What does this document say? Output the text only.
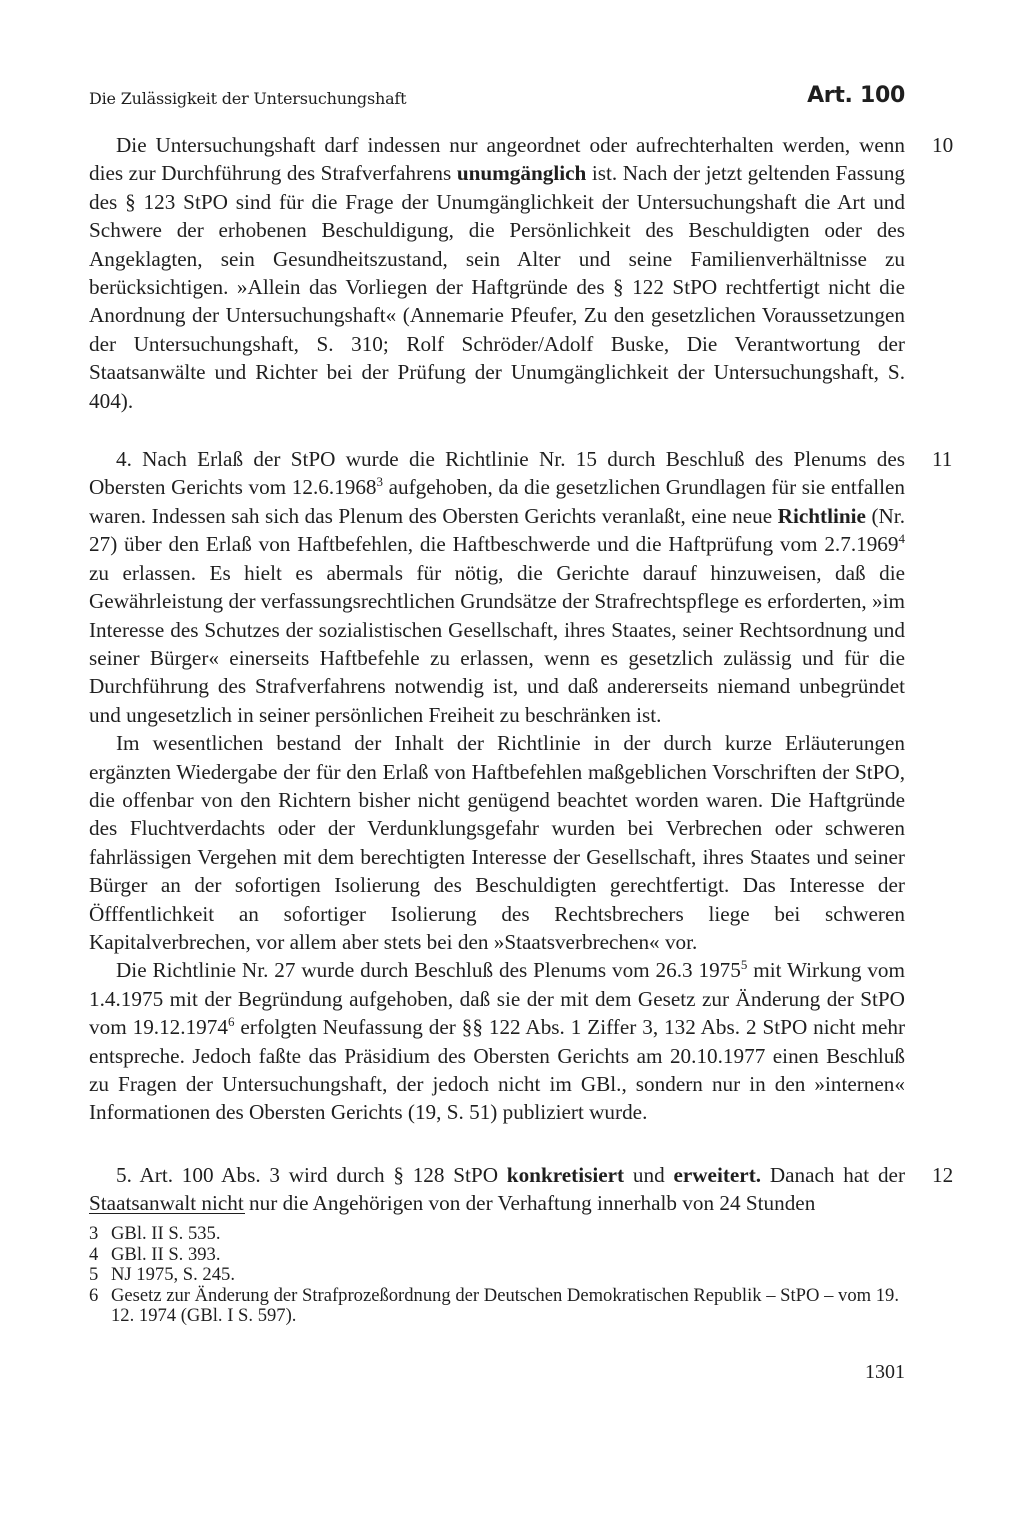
Die Zulässigkeit der Untersuchungshaft	Art. 100

10
Die Untersuchungshaft darf indessen nur angeordnet oder aufrechterhalten werden, wenn dies zur Durchführung des Strafverfahrens unumgänglich ist. Nach der jetzt geltenden Fassung des § 123 StPO sind für die Frage der Unumgänglichkeit der Untersuchungshaft die Art und Schwere der erhobenen Beschuldigung, die Persönlichkeit des Beschuldigten oder des Angeklagten, sein Gesundheitszustand, sein Alter und seine Familienverhältnisse zu berücksichtigen. »Allein das Vorliegen der Haftgründe des § 122 StPO rechtfertigt nicht die Anordnung der Untersuchungshaft« (Annemarie Pfeufer, Zu den gesetzlichen Voraussetzungen der Untersuchungshaft, S. 310; Rolf Schröder/Adolf Buske, Die Verantwortung der Staatsanwälte und Richter bei der Prüfung der Unumgänglichkeit der Untersuchungshaft, S. 404).

11
4. Nach Erlaß der StPO wurde die Richtlinie Nr. 15 durch Beschluß des Plenums des Obersten Gerichts vom 12.6.1968$^3$ aufgehoben, da die gesetzlichen Grundlagen für sie entfallen waren. Indessen sah sich das Plenum des Obersten Gerichts veranlaßt, eine neue Richtlinie (Nr. 27) über den Erlaß von Haftbefehlen, die Haftbeschwerde und die Haftprüfung vom 2.7.1969$^4$ zu erlassen. Es hielt es abermals für nötig, die Gerichte darauf hinzuweisen, daß die Gewährleistung der verfassungsrechtlichen Grundsätze der Strafrechtspflege es erforderten, »im Interesse des Schutzes der sozialistischen Gesellschaft, ihres Staates, seiner Rechtsordnung und seiner Bürger« einerseits Haftbefehle zu erlassen, wenn es gesetzlich zulässig und für die Durchführung des Strafverfahrens notwendig ist, und daß andererseits niemand unbegründet und ungesetzlich in seiner persönlichen Freiheit zu beschränken ist.

Im wesentlichen bestand der Inhalt der Richtlinie in der durch kurze Erläuterungen ergänzten Wiedergabe der für den Erlaß von Haftbefehlen maßgeblichen Vorschriften der StPO, die offenbar von den Richtern bisher nicht genügend beachtet worden waren. Die Haftgründe des Fluchtverdachts oder der Verdunklungsgefahr wurden bei Verbrechen oder schweren fahrlässigen Vergehen mit dem berechtigten Interesse der Gesellschaft, ihres Staates und seiner Bürger an der sofortigen Isolierung des Beschuldigten gerechtfertigt. Das Interesse der Öfffentlichkeit an sofortiger Isolierung des Rechtsbrechers liege bei schweren Kapitalverbrechen, vor allem aber stets bei den »Staatsverbrechen« vor.

Die Richtlinie Nr. 27 wurde durch Beschluß des Plenums vom 26.3 1975$^5$ mit Wirkung vom 1.4.1975 mit der Begründung aufgehoben, daß sie der mit dem Gesetz zur Änderung der StPO vom 19.12.1974$^6$ erfolgten Neufassung der §§ 122 Abs. 1 Ziffer 3, 132 Abs. 2 StPO nicht mehr entspreche. Jedoch faßte das Präsidium des Obersten Gerichts am 20.10.1977 einen Beschluß zu Fragen der Untersuchungshaft, der jedoch nicht im GBl., sondern nur in den »internen« Informationen des Obersten Gerichts (19, S. 51) publiziert wurde.

12
5. Art. 100 Abs. 3 wird durch § 128 StPO konkretisiert und erweitert. Danach hat der Staatsanwalt nicht nur die Angehörigen von der Verhaftung innerhalb von 24 Stunden

3 GBl. II S. 535.

4 GBl. II S. 393.

5 NJ 1975, S. 245.

6 Gesetz zur Änderung der Strafprozeßordnung der Deutschen Demokratischen Republik – StPO – vom 19. 12. 1974 (GBl. I S. 597).

1301
